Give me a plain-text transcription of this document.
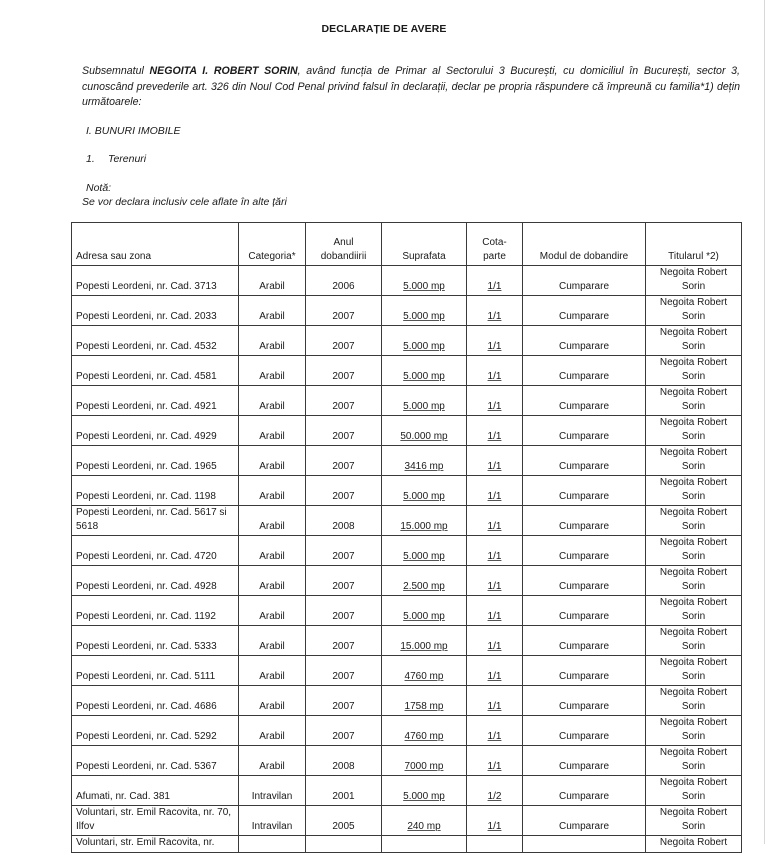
DECLARAȚIE DE AVERE
Subsemnatul NEGOITA I. ROBERT SORIN, având funcția de Primar al Sectorului 3 București, cu domiciliul în București, sector 3, cunoscând prevederile art. 326 din Noul Cod Penal privind falsul în declarații, declar pe propria răspundere că împreună cu familia*1) dețin următoarele:
I. BUNURI IMOBILE
1. Terenuri
Notă:
Se vor declara inclusiv cele aflate în alte țări
Adresa sau zona	Categoria*	Anul dobandiirii	Suprafata	Cota-parte	Modul de dobandire	Titularul *2)
Popesti Leordeni, nr. Cad. 3713	Arabil	2006	5.000 mp	1/1	Cumparare	Negoita Robert Sorin
Popesti Leordeni, nr. Cad. 2033	Arabil	2007	5.000 mp	1/1	Cumparare	Negoita Robert Sorin
Popesti Leordeni, nr. Cad. 4532	Arabil	2007	5.000 mp	1/1	Cumparare	Negoita Robert Sorin
Popesti Leordeni, nr. Cad. 4581	Arabil	2007	5.000 mp	1/1	Cumparare	Negoita Robert Sorin
Popesti Leordeni, nr. Cad. 4921	Arabil	2007	5.000 mp	1/1	Cumparare	Negoita Robert Sorin
Popesti Leordeni, nr. Cad. 4929	Arabil	2007	50.000 mp	1/1	Cumparare	Negoita Robert Sorin
Popesti Leordeni, nr. Cad. 1965	Arabil	2007	3416 mp	1/1	Cumparare	Negoita Robert Sorin
Popesti Leordeni, nr. Cad. 1198	Arabil	2007	5.000 mp	1/1	Cumparare	Negoita Robert Sorin
Popesti Leordeni, nr. Cad. 5617 si 5618	Arabil	2008	15.000 mp	1/1	Cumparare	Negoita Robert Sorin
Popesti Leordeni, nr. Cad. 4720	Arabil	2007	5.000 mp	1/1	Cumparare	Negoita Robert Sorin
Popesti Leordeni, nr. Cad. 4928	Arabil	2007	2.500 mp	1/1	Cumparare	Negoita Robert Sorin
Popesti Leordeni, nr. Cad. 1192	Arabil	2007	5.000 mp	1/1	Cumparare	Negoita Robert Sorin
Popesti Leordeni, nr. Cad. 5333	Arabil	2007	15.000 mp	1/1	Cumparare	Negoita Robert Sorin
Popesti Leordeni, nr. Cad. 5111	Arabil	2007	4760 mp	1/1	Cumparare	Negoita Robert Sorin
Popesti Leordeni, nr. Cad. 4686	Arabil	2007	1758 mp	1/1	Cumparare	Negoita Robert Sorin
Popesti Leordeni, nr. Cad. 5292	Arabil	2007	4760 mp	1/1	Cumparare	Negoita Robert Sorin
Popesti Leordeni, nr. Cad. 5367	Arabil	2008	7000 mp	1/1	Cumparare	Negoita Robert Sorin
Afumati, nr. Cad. 381	Intravilan	2001	5.000 mp	1/2	Cumparare	Negoita Robert Sorin
Voluntari, str. Emil Racovita, nr. 70, Ilfov	Intravilan	2005	240 mp	1/1	Cumparare	Negoita Robert Sorin
Voluntari, str. Emil Racovita, nr.						Negoita Robert
